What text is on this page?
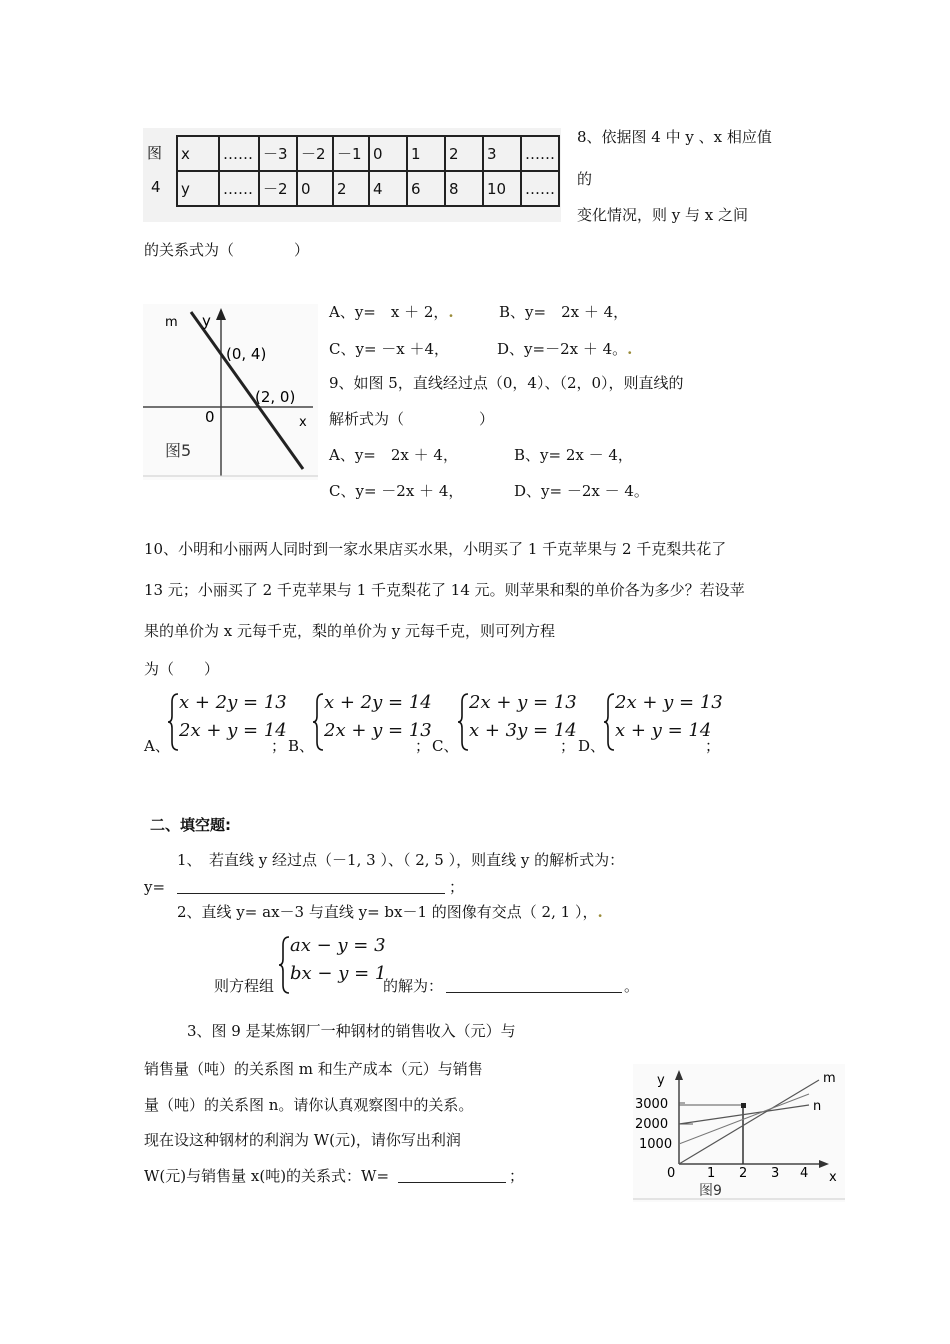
图
4
x	……	－3	－2	－1	0	1	2	3	……
y	……	－2	0	2	4	6	8	10	……
8、依据图 4 中 y 、x 相应值
的
变化情况，则 y 与 x 之间
的关系式为（　　　　）
m y
(0, 4)
(2, 0)
0	x
图5
A、y=　x ＋ 2，.	B、y=　2x ＋ 4，
C、y= －x ＋4，	D、y=－2x ＋ 4。.
9、如图 5，直线经过点（0，4）、（2，0），则直线的
解析式为（　　　　　）
A、y=　2x ＋ 4，	B、y= 2x － 4，
C、y= －2x ＋ 4，	D、y= －2x － 4。
10、小明和小丽两人同时到一家水果店买水果，小明买了 1 千克苹果与 2 千克梨共花了
13 元；小丽买了 2 千克苹果与 1 千克梨花了 14 元。则苹果和梨的单价各为多少？若设苹
果的单价为 x 元每千克，梨的单价为 y 元每千克，则可列方程
为（　　）
A、
x + 2y = 13
2x + y = 14
； B、
x + 2y = 14
2x + y = 13
； C、
2x + y = 13
x + 3y = 14
； D、
2x + y = 13
x + y = 14
；
二、填空题:
1、　若直线 y 经过点（－1, 3 ）、（ 2, 5 ），则直线 y 的解析式为：
y=	；
2、直线 y= ax－3 与直线 y= bx－1 的图像有交点（ 2, 1 ），.
则方程组
ax − y = 3
bx − y = 1
的解为：	。
3、图 9 是某炼钢厂一种钢材的销售收入（元）与
销售量（吨）的关系图 m 和生产成本（元）与销售
量（吨）的关系图 n。请你认真观察图中的关系。
现在设这种钢材的利润为 W(元)，请你写出利润
W(元)与销售量 x(吨)的关系式：W=	；
y
3000
2000
1000
0 1 2 3 4 x
m
n
图9
